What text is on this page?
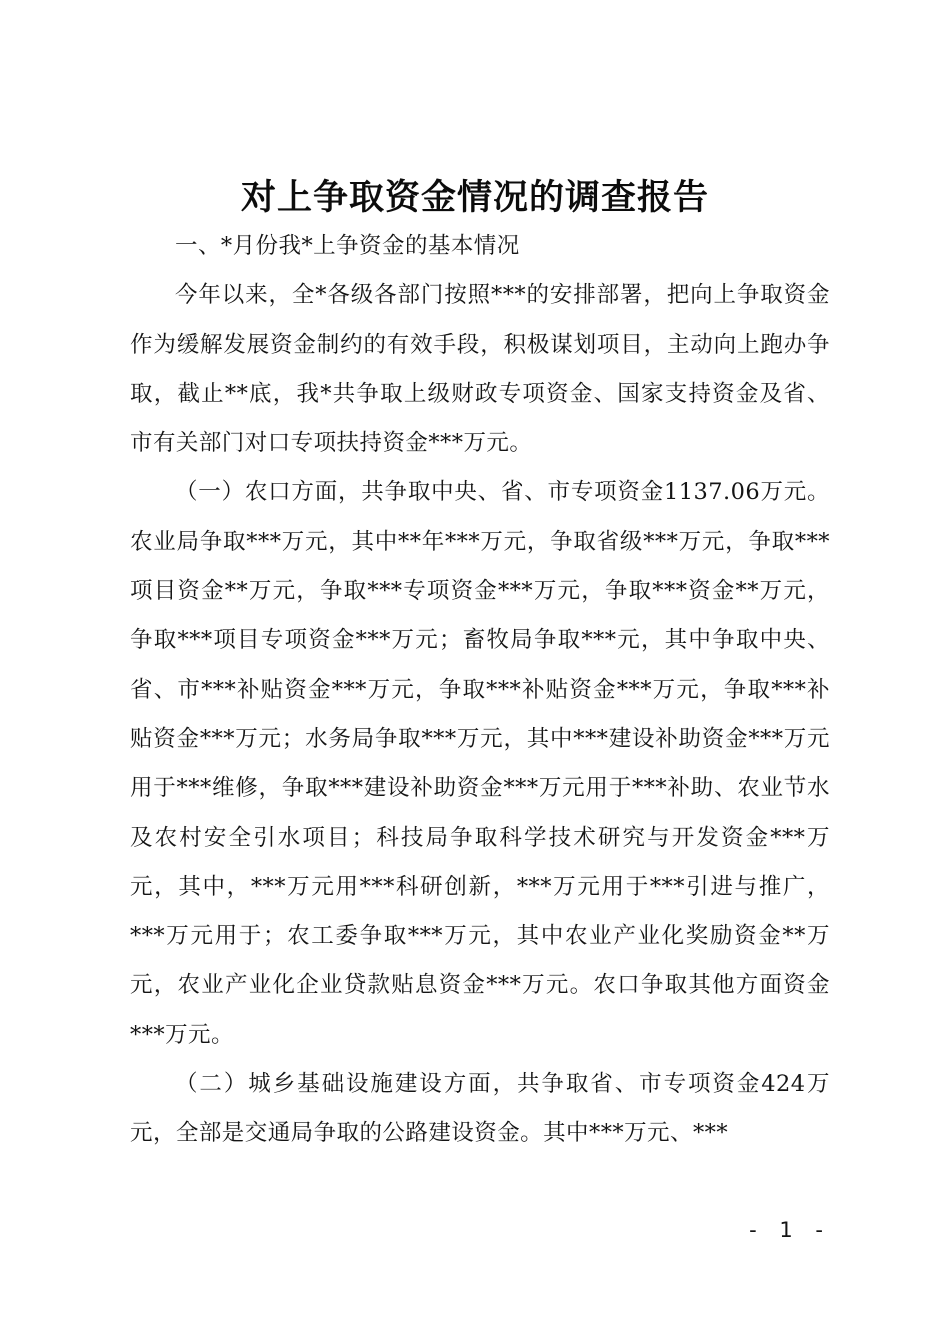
对上争取资金情况的调查报告

一、*月份我*上争资金的基本情况

今年以来，全*各级各部门按照***的安排部署，把向上争取资金作为缓解发展资金制约的有效手段，积极谋划项目，主动向上跑办争取，截止**底，我*共争取上级财政专项资金、国家支持资金及省、市有关部门对口专项扶持资金***万元。

（一）农口方面，共争取中央、省、市专项资金1137.06万元。农业局争取***万元，其中**年***万元，争取省级***万元，争取***项目资金**万元，争取***专项资金***万元，争取***资金**万元，争取***项目专项资金***万元；畜牧局争取***元，其中争取中央、省、市***补贴资金***万元，争取***补贴资金***万元，争取***补贴资金***万元；水务局争取***万元，其中***建设补助资金***万元用于***维修，争取***建设补助资金***万元用于***补助、农业节水及农村安全引水项目；科技局争取科学技术研究与开发资金***万元，其中，***万元用***科研创新，***万元用于***引进与推广，***万元用于；农工委争取***万元，其中农业产业化奖励资金**万元，农业产业化企业贷款贴息资金***万元。农口争取其他方面资金***万元。

（二）城乡基础设施建设方面，共争取省、市专项资金424万元，全部是交通局争取的公路建设资金。其中***万元、***

- 1 -
